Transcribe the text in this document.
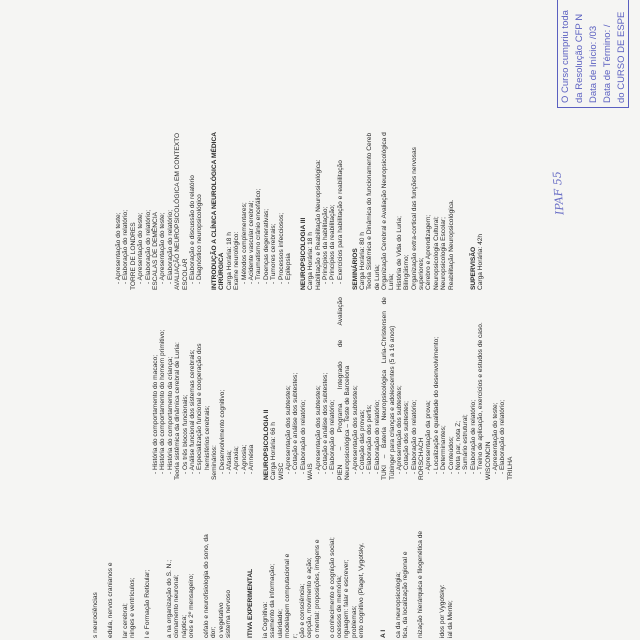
s neurociências edula, nervos cranianos e lar cerebral; ninges e ventrículos; l e Formação Reticular; a na organização do S. N.; cionamento neuronal; náptica; ores e 2º mensageiro; céfalo e neurofisiologia do sono, da dor; o vegetativo sistema nervoso ITIVA EXPERIMENTAL ia Cognitiva: ssamento da informação; ularidade; modelagem computacional e r; ção e consciência; cepção, movimento e ação; o mental: proposições, imagens e o conhecimento e cognição social; ocessos de memória; nguagem: falar e escrever; problemas; ento cognitivo (Piaget, Vygotsky, A I ca da neuropsicologia; tica, da localização regional e nização hierárquica e filogenética de idos por Vygotsky: ial da Mente;
- História do comportamento do macaco; - História do comportamento do homem primitivo; - História do comportamento da criança; Teoria sistêmica da dinâmica cerebral de Luria: - Os três blocos funcionais; - Análise funcional dos sistemas cerebrais; - Especialização funcional e cooperação dos hemisférios cerebrais; Seminários: - Desenvolvimento cognitivo; - Afasia; - Apraxia; - Agnosia; - Amnésia NEUROPSICOLOGIA II Carga Horária: 66 h WISC - Apresentação dos subtestes; - Cotação e análise dos subtestes; - Elaboração do relatório; WAIS - Apresentação dos subtestes; - Cotação e análise dos subtestes; - Elaboração do relatório; PIEN
–
Programa
Integrado
de
Avaliação
Neuropsicológica – Teste de Barcelona - Apresentação dos subtestes; - Cotação das provas; - Elaboração dos perfis; - Elaboração do relatório; TUKI
–
Bateria
Neuropsicológica
Luria-Christensen
de
Tübinger para crianças e adolescentes (5 a 16 anos) - Apresentação dos subtestes; - Cotação dos subtestes; - Elaboração do relatório; RORSCHACH - Apresentação da prova; - Localização e qualidade do desenvolvimento; - Determinantes; - Conteúdos; - Nota par, nota Z; - Sumário estrutural; - Elaboração de relatório; - Treino de aplicação, exercícios e estudos de caso. WISCONCIN - Apresentação do teste; - Elaboração do relatório; TRILHA
- Apresentação do teste; - Elaboração do relatório; TORRE DE LONDRES - Apresentação do teste; - Elaboração do relatório; ESCALAS DE DEMÊNCIA - Apresentação do teste; - Elaboração do relatório; AVALIAÇÃO NEUROPSICOLÓGICA EM CONTEXTO ESCOLAR - Elaboração e discussão do relatório - Diagnóstico neuropsicológico INTRODUÇÃO A CLÍNICA NEUROLÓGICA MÉDICA CIRÚRGICA Carga Horária: 18 h Exame neurológico: - Métodos complementares; - Acidente vascular cerebral; - Traumatismo crânio encefálico; - Doenças degenerativas; - Tumores cerebrais; - Processos infecciosos; - Epilepsia NEUROPSICOLOGIA III Carga Horária: 18 h Habilitação e Reabilitação Neuropsicológica: - Princípios da habilitação; - Princípios da reabilitação; - Exercícios para habilitação e reabilitação SEMINÁRIOS Carga Horária: 80 h Teoria Sistêmica e Dinâmica do funcionamento Cereb de Luria; Organização Cerebral e Avaliação Neuropsicológica d Luria; História de Vida do Luria; Bilingüismo; Organização extra-cortical das funções nervosas superiores; Cérebro e Aprendizagem; Neuropsicologia Cultural; Neuropsicologia Escolar; Reabilitação Neuropsicológica. SUPERVISÃO Carga Horária: 42h
O Curso cumpriu toda da Resolução CFP N Data de Início: /03 Data de Término: / do CURSO DE ESPE
IPAF 55
